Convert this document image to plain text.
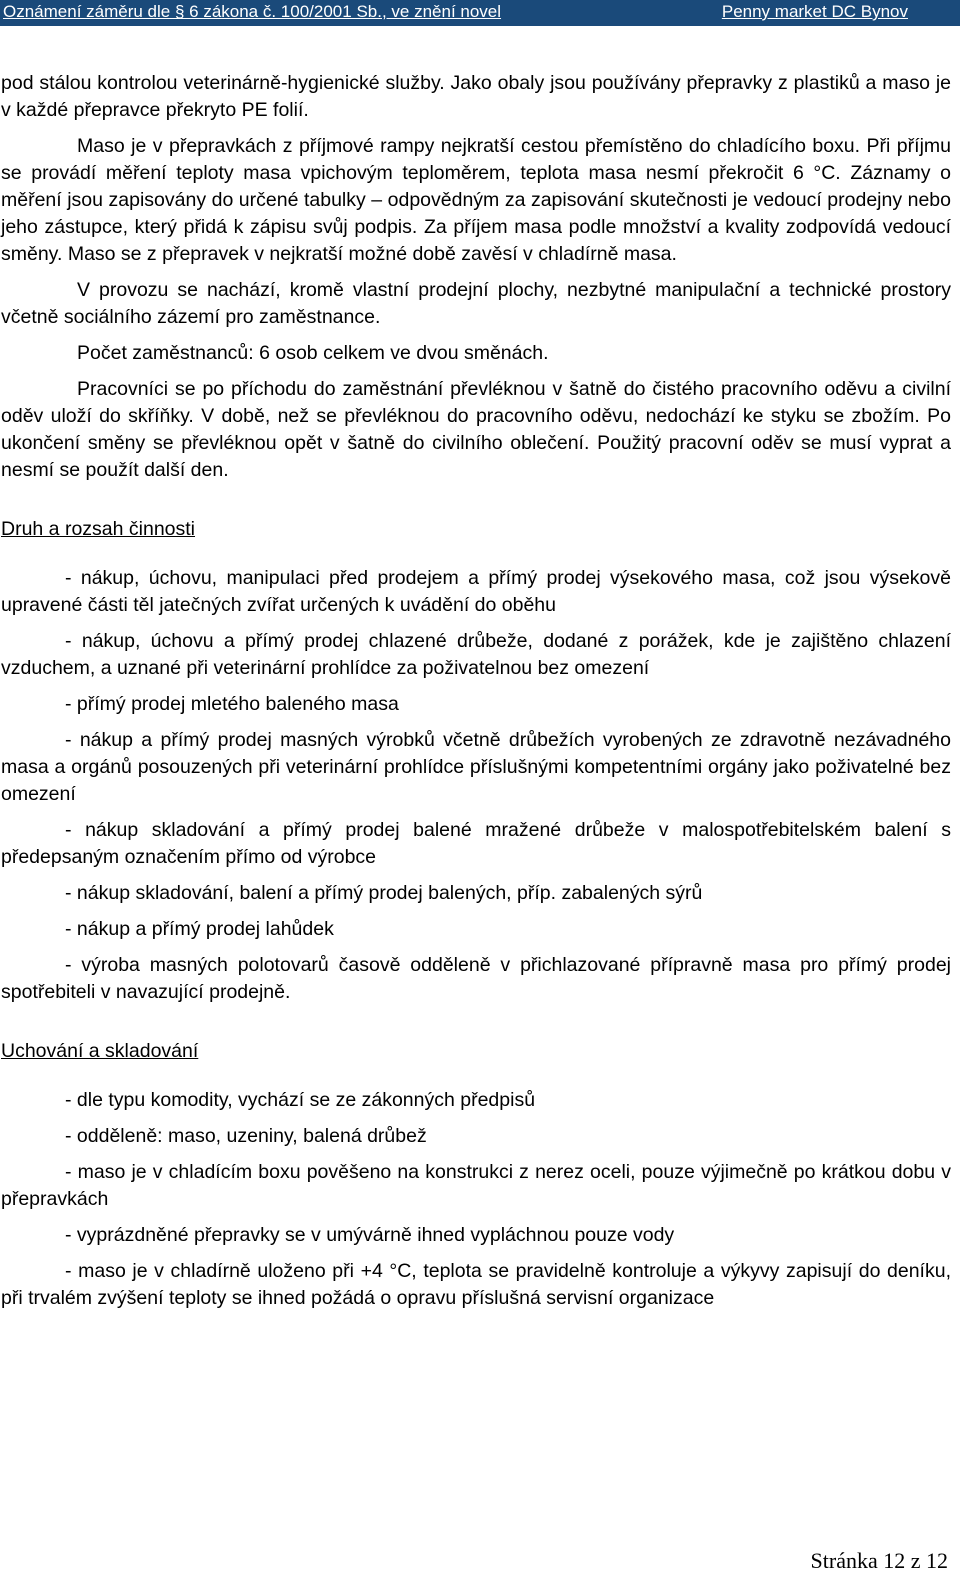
Oznámení záměru dle § 6 zákona č. 100/2001 Sb., ve znění novel	Penny market DC Bynov

pod stálou kontrolou veterinárně-hygienické služby. Jako obaly jsou používány přepravky z plastiků a maso je v každé přepravce překryto PE folií.

Maso je v přepravkách z příjmové rampy nejkratší cestou přemístěno do chladícího boxu. Při příjmu se provádí měření teploty masa vpichovým teploměrem, teplota masa nesmí překročit 6 °C. Záznamy o měření jsou zapisovány do určené tabulky – odpovědným za zapisování skutečnosti je vedoucí prodejny nebo jeho zástupce, který přidá k zápisu svůj podpis. Za příjem masa podle množství a kvality zodpovídá vedoucí směny. Maso se z přepravek v nejkratší možné době zavěsí v chladírně masa.

V provozu se nachází, kromě vlastní prodejní plochy, nezbytné manipulační a technické prostory včetně sociálního zázemí pro zaměstnance.

Počet zaměstnanců: 6 osob celkem ve dvou směnách.

Pracovníci se po příchodu do zaměstnání převléknou v šatně do čistého pracovního oděvu a civilní oděv uloží do skříňky. V době, než se převléknou do pracovního oděvu, nedochází ke styku se zbožím. Po ukončení směny se převléknou opět v šatně do civilního oblečení. Použitý pracovní oděv se musí vyprat a nesmí se použít další den.

Druh a rozsah činnosti

- nákup, úchovu, manipulaci před prodejem a přímý prodej výsekového masa, což jsou výsekově upravené části těl jatečných zvířat určených k uvádění do oběhu

- nákup, úchovu a přímý prodej chlazené drůbeže, dodané z porážek, kde je zajištěno chlazení vzduchem, a uznané při veterinární prohlídce za poživatelnou bez omezení

- přímý prodej mletého baleného masa

- nákup a přímý prodej masných výrobků včetně drůbežích vyrobených ze zdravotně nezávadného masa a orgánů posouzených při veterinární prohlídce příslušnými kompetentními orgány jako poživatelné bez omezení

- nákup skladování a přímý prodej balené mražené drůbeže v malospotřebitelském balení s předepsaným označením přímo od výrobce

- nákup skladování, balení a přímý prodej balených, příp. zabalených sýrů

- nákup a přímý prodej lahůdek

- výroba masných polotovarů časově odděleně v přichlazované přípravně masa pro přímý prodej spotřebiteli v navazující prodejně.

Uchování a skladování

- dle typu komodity, vychází se ze zákonných předpisů

- odděleně: maso, uzeniny, balená drůbež

- maso je v chladícím boxu pověšeno na konstrukci z nerez oceli, pouze výjimečně po krátkou dobu v přepravkách

- vyprázdněné přepravky se v umývárně ihned vypláchnou pouze vody

- maso je v chladírně uloženo při +4 °C, teplota se pravidelně kontroluje a výkyvy zapisují do deníku, při trvalém zvýšení teploty se ihned požádá o opravu příslušná servisní organizace

Stránka 12 z 12
